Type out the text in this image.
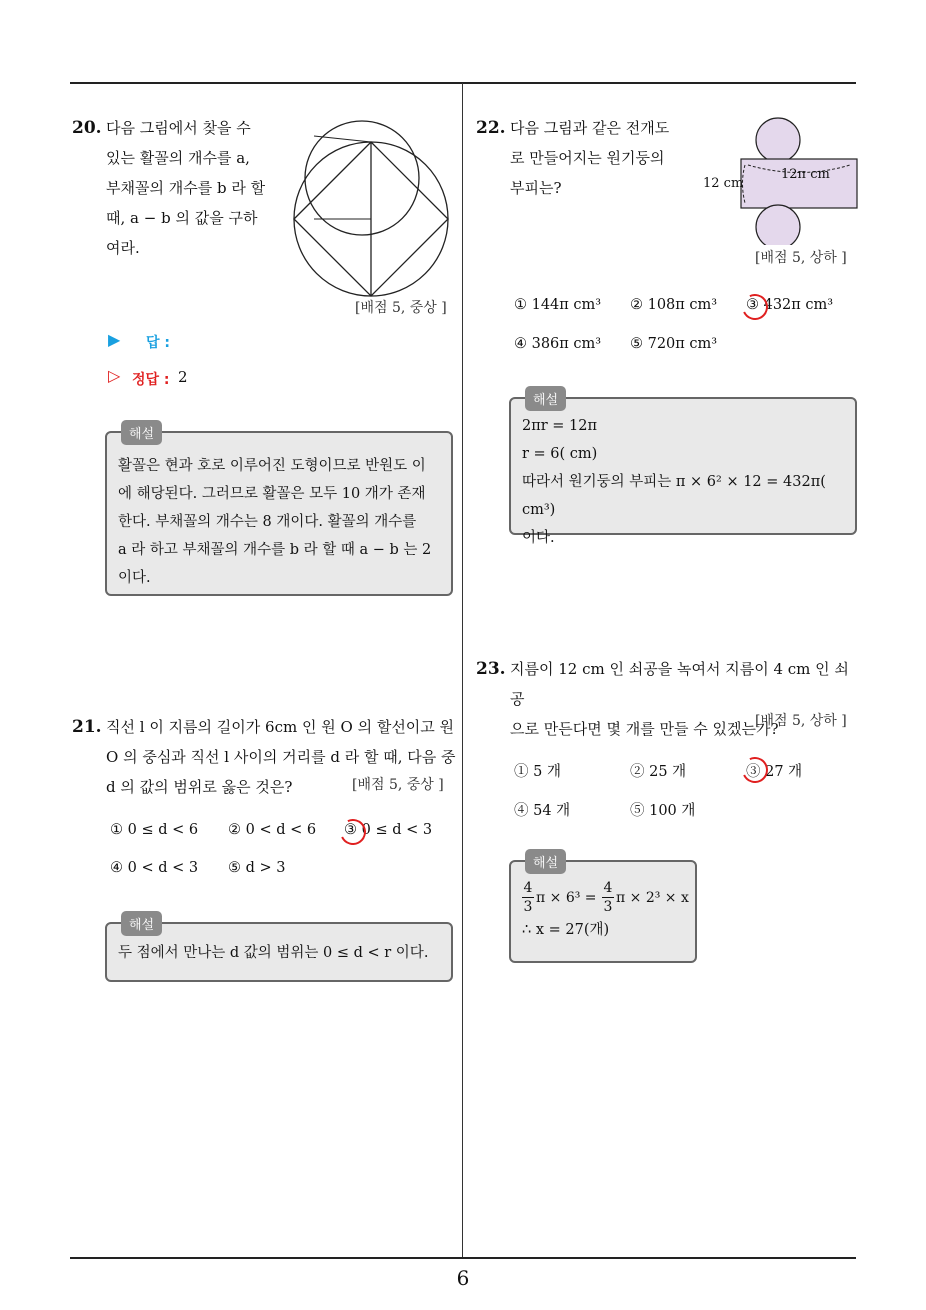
6
20. 다음 그림에서 찾을 수
있는 활꼴의 개수를 a,
부채꼴의 개수를 b 라 할
때, a − b 의 값을 구하
여라.
[배점 5, 중상 ]
▶ 답 :
▷ 정답 : 2
해설
활꼴은 현과 호로 이루어진 도형이므로 반원도 이
에 해당된다. 그러므로 활꼴은 모두 10 개가 존재
한다. 부채꼴의 개수는 8 개이다. 활꼴의 개수를
a 라 하고 부채꼴의 개수를 b 라 할 때 a − b 는 2
이다.
21. 직선 l 이 지름의 길이가 6cm 인 원 O 의 할선이고 원
O 의 중심과 직선 l 사이의 거리를 d 라 할 때, 다음 중
d 의 값의 범위로 옳은 것은?	[배점 5, 중상 ]
① 0 ≤ d < 6 ② 0 < d < 6 ③ 0 ≤ d < 3
④ 0 < d < 3 ⑤ d > 3
해설
두 점에서 만나는 d 값의 범위는 0 ≤ d < r 이다.
22. 다음 그림과 같은 전개도
로 만들어지는 원기둥의
부피는?	12 cm
12π cm
[배점 5, 상하 ]
① 144π cm³ ② 108π cm³ ③ 432π cm³
④ 386π cm³ ⑤ 720π cm³
해설
2πr = 12π
r = 6( cm)
따라서 원기둥의 부피는 π × 6² × 12 = 432π( cm³)
이다.
23. 지름이 12 cm 인 쇠공을 녹여서 지름이 4 cm 인 쇠공
으로 만든다면 몇 개를 만들 수 있겠는가?
[배점 5, 상하 ]
① 5 개	② 25 개	③ 27 개
④ 54 개	⑤ 100 개
해설
4
3
π × 6³ =
4
3
π × 2³ × x
∴ x = 27(개)
